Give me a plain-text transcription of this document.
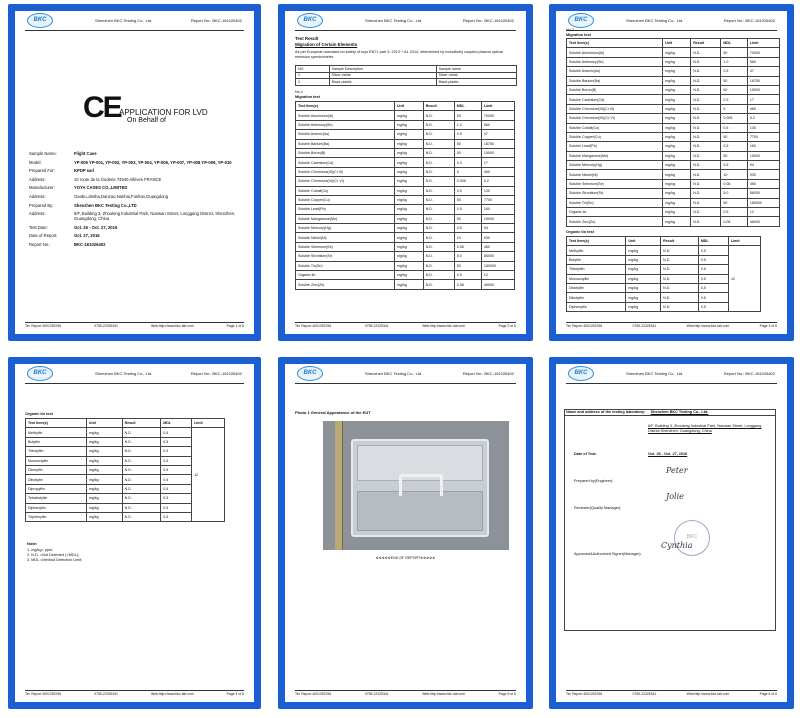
BKC	Shenzhen BKC Testing Co., Ltd.	Report No.: BKC-161026402
CE
APPLICATION FOR LVD
On Behalf of
Sample Name:	Flight Case
Model:	YP-005 YP-001, YP-002, YP-003, YP-004, YP-006, YP-007, YP-008 YP-009, YP-010
Prepared For:	KPDP sarl
Address:	10 route de la Goderie 74540 Allèves FRANCE
Manufacturer:	YOYA CASES CO.,LIMITED
Address:	Gaobu,Jinsha,Danzao,Nanhai,Foshan,Guangdong
Prepared By:	Shenzhen BKC Testing Co.,LTD
Address:	6/F, Building 3, Zhouleng Industrial Park, Nanwan Street, Longgang District, Shenzhen, Guangdong, China
Test Date:	Oct. 25 - Oct. 27, 2016
Date of Report:	Oct. 27, 2016
Report No.:	BKC-161026402
Tel: Report 4001253766	0755-22325341	Web:http://www.bkc-lab.com	Page 1 of 6
BKC	Shenzhen BKC Testing Co., Ltd.	Report No.: BKC-161026402
Test Result
Migration of Certain Elements
As per European standard on safety of toys EN71 part 3: 2013 + A1 2014, determined by inductively coupled plasma optical emission spectrometer.
NO.	Sample Description	Sample name
1	Silver metal	Silver metal
2	Black plastic	Black plastic
No.1
Migration test
Test Item(s)	Unit	Result	MDL	Limit
Soluble Aluminium(Al)	mg/kg	N.D.	50	70000
Soluble Antimony(Sb)	mg/kg	N.D.	1.0	560
Soluble Arsenic(As)	mg/kg	N.D.	0.5	47
Soluble Barium(Ba)	mg/kg	N.D.	50	18750
Soluble Boron(B)	mg/kg	N.D.	50	15000
Soluble Cadmium(Cd)	mg/kg	N.D.	0.3	17
Soluble Chromium(III)(Cr III)	mg/kg	N.D.	5	460
Soluble Chromium(VI)(Cr VI)	mg/kg	N.D.	0.005	0.2
Soluble Cobalt(Co)	mg/kg	N.D.	0.5	130
Soluble Copper(Cu)	mg/kg	N.D.	50	7700
Soluble Lead(Pb)	mg/kg	N.D.	0.5	160
Soluble Manganese(Mn)	mg/kg	N.D.	50	15000
Soluble Mercury(Hg)	mg/kg	N.D.	0.5	94
Soluble Nickel(Ni)	mg/kg	N.D.	10	930
Soluble Selenium(Se)	mg/kg	N.D.	0.08	460
Soluble Strontium(Sr)	mg/kg	N.D.	5.0	56000
Soluble Tin(Sn)	mg/kg	N.D.	50	180000
Organic tin	mg/kg	N.D.	0.5	12
Soluble Zinc(Zn)	mg/kg	N.D.	0.08	46000
Tel: Report 4001253766	0755-22325341	Web:http://www.bkc-lab.com	Page 2 of 6
BKC	Shenzhen BKC Testing Co., Ltd.	Report No.: BKC-161026402
No.2
Migration test
Test Item(s)	Unit	Result	MDL	Limit
Soluble Aluminium(Al)	mg/kg	N.D.	50	70000
Soluble Antimony(Sb)	mg/kg	N.D.	1.0	560
Soluble Arsenic(As)	mg/kg	N.D.	0.5	47
Soluble Barium(Ba)	mg/kg	N.D.	50	18750
Soluble Boron(B)	mg/kg	N.D.	50	15000
Soluble Cadmium(Cd)	mg/kg	N.D.	0.3	17
Soluble Chromium(III)(Cr III)	mg/kg	N.D.	5	460
Soluble Chromium(VI)(Cr VI)	mg/kg	N.D.	0.005	0.2
Soluble Cobalt(Co)	mg/kg	N.D.	0.5	130
Soluble Copper(Cu)	mg/kg	N.D.	50	7700
Soluble Lead(Pb)	mg/kg	N.D.	0.5	160
Soluble Manganese(Mn)	mg/kg	N.D.	50	15000
Soluble Mercury(Hg)	mg/kg	N.D.	0.5	94
Soluble Nickel(Ni)	mg/kg	N.D.	10	930
Soluble Selenium(Se)	mg/kg	N.D.	0.08	460
Soluble Strontium(Sr)	mg/kg	N.D.	5.0	56000
Soluble Tin(Sn)	mg/kg	N.D.	50	180000
Organic tin	mg/kg	N.D.	0.5	12
Soluble Zinc(Zn)	mg/kg	N.D.	0.08	46000
Organic tin test
Test Item(s)	Unit	Result	MDL	Limit
Methyltin	mg/kg	N.D.	0.5	12
Butyltin	mg/kg	N.D.	0.5	
Tributyltin	mg/kg	N.D.	0.5	
Monooctyltin	mg/kg	N.D.	0.5	
Dioctyltin	mg/kg	N.D.	0.5	
Dibutyltin	mg/kg	N.D.	0.5	
Diphenyltin	mg/kg	N.D.	0.5	
Tel: Report 4001253766	0755-22325341	Web:http://www.bkc-lab.com	Page 3 of 6
BKC	Shenzhen BKC Testing Co., Ltd.	Report No.: BKC-161026402
Organic tin test
Test Item(s)	Unit	Result	MDL	Limit
Methyltin	mg/kg	N.D.	0.5	12
Butyltin	mg/kg	N.D.	0.5	
Tributyltin	mg/kg	N.D.	0.5	
Monooctyltin	mg/kg	N.D.	0.5	
Dioctyltin	mg/kg	N.D.	0.5	
Dibutyltin	mg/kg	N.D.	0.5	
Dipropyltin	mg/kg	N.D.	0.5	
Tetrabutyltin	mg/kg	N.D.	0.5	
Diphenyltin	mg/kg	N.D.	0.5	
Triphenyltin	mg/kg	N.D.	0.5	
Note:
1. mg/kg= ppm;
2. N.D. =Not Detected (<MDL);
3. MDL =Method Detection Limit;
Tel: Report 4001253766	0755-22325341	Web:http://www.bkc-lab.com	Page 4 of 6
BKC	Shenzhen BKC Testing Co., Ltd.	Report No.: BKC-161026402
Photo 1 General Appearance of the EUT
※※※※※END OF REPORT※※※※※
Tel: Report 4001253766	0755-22325341	Web:http://www.bkc-lab.com	Page 5 of 6
BKC	Shenzhen BKC Testing Co., Ltd.	Report No.: BKC-161026402
Name and address of the testing laboratory: Shenzhen BKC Testing Co., Ltd.
6/F, Building 3, Zhouleng Industrial Park, Nanwan Street, Longgang District,Shenzhen, Guangdong, China
Date of Test:	Oct. 25 - Oct. 27, 2016
Prepared by(Engineer):
Peter
Reviewer(Quality Manager):
Jolie
BKC
Approved&Authorized Signer(Manager):
Cynthia
Tel: Report 4001253766	0755-22325341	Web:http://www.bkc-lab.com	Page 6 of 6
